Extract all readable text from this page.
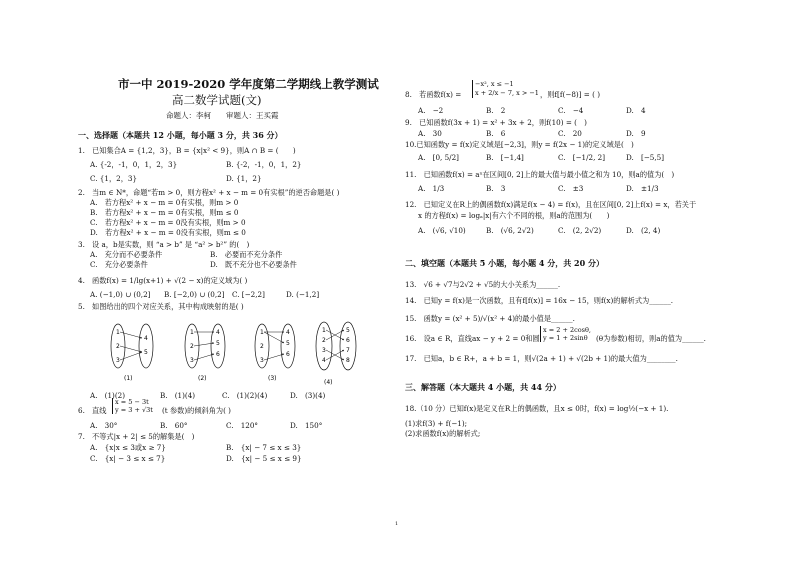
市一中 2019-2020 学年度第二学期线上教学测试
高二数学试题(文)
命题人：李柯　　审题人：王买霞
一、选择题（本题共 12 小题，每小题 3 分，共 36 分）
1.　已知集合A = {1,2，3}，B = {x|x² < 9}，则A ∩ B = (　　)
A. {-2，-1，0，1，2，3}	B. {-2，-1，0，1，2}
C. {1，2，3}	D. {1，2}
2.　当m ∈ N*，命题“若m > 0，则方程x² + x − m = 0有实根”的逆否命题是( )
A.　若方程x² + x − m = 0有实根，则m > 0
B.　若方程x² + x − m = 0有实根，则m ≤ 0
C.　若方程x² + x − m = 0没有实根，则m > 0
D.　若方程x² + x − m = 0没有实根，则m ≤ 0
3.　设 a，b是实数，则 “a > b” 是 “a² > b²” 的(　)
A.　充分而不必要条件	B.　必要而不充分条件
C.　充分必要条件	D.　既不充分也不必要条件
4.　函数f(x) = 1/lg(x+1) + √(2 − x)的定义域为( )
A. (−1,0) ∪ (0,2] B. [−2,0) ∪ (0,2] C. [−2,2]	D. (−1,2]
5.　如图给出的四个对应关系，其中构成映射的是( )
1
2
3
4
5
(1)
1
2
3
4
5
6
(2)
1
2
3
4
5
6
(3)
1
2
3
4
5
6
7
8
(4)
A.　(1)(2)	B.　(1)(4)	C.　(1)(2)(4)	D.　(3)(4)
6.　直线
x = 5 − 3t
y = 3 + √3t (t 参数)的倾斜角为( )
A.　30°	B.　60°	C.　120°	D.　150°
7.　不等式|x + 2| ≤ 5的解集是(　)
A.　{x|x ≤ 3或x ≥ 7}	B.　{x| − 7 ≤ x ≤ 3}
C.　{x| − 3 ≤ x ≤ 7}	D.　{x| − 5 ≤ x ≤ 9}
8.　若函数f(x) =
−x², x ≤ −1
x + 2/x − 7, x > −1 ，则f[f(−8)] = ( )
A.　−2	B.　2	C.　−4	D.　4
9.　已知函数f(3x + 1) = x² + 3x + 2，则f(10) = (　)
A.　30	B.　6	C.　20	D.　9
10.已知函数y = f(x)定义域是[−2,3]，则y = f(2x − 1)的定义域是(　)
A.　[0, 5/2]	B.　[−1,4]	C.　[−1/2, 2]	D.　[−5,5]
11.　已知函数f(x) = aˣ在区间[0, 2]上的最大值与最小值之和为 10，则a的值为(　)
A.　1/3	B.　3	C.　±3	D.　±1/3
12.　已知定义在R上的偶函数f(x)满足f(x − 4) = f(x)，且在区间[0, 2]上f(x) = x，若关于
x 的方程f(x) = logₐ|x|有六个不同的根，则a的范围为(　　)
A.　(√6, √10)	B.　(√6, 2√2)	C.　(2, 2√2)	D.　(2, 4)
二、填空题（本题共 5 小题，每小题 4 分，共 20 分）
13.　√6 + √7与2√2 + √5的大小关系为______.
14.　已知y = f(x)是一次函数，且有f[f(x)] = 16x − 15，则f(x)的解析式为______.
15.　函数y = (x² + 5)/√(x² + 4)的最小值是______.
16.　设a ∈ R，直线ax − y + 2 = 0和圆
x = 2 + 2cosθ,
y = 1 + 2sinθ	(θ为参数)相切，则a的值为______.
17.　已知a，b ∈ R+，a + b = 1，则√(2a + 1) + √(2b + 1)的最大值为________.
三、解答题（本大题共 4 小题，共 44 分）
18.（10 分）已知f(x)是定义在R上的偶函数，且x ≤ 0时，f(x) = log½(−x + 1).
(1)求f(3) + f(−1);
(2)求函数f(x)的解析式;
1
